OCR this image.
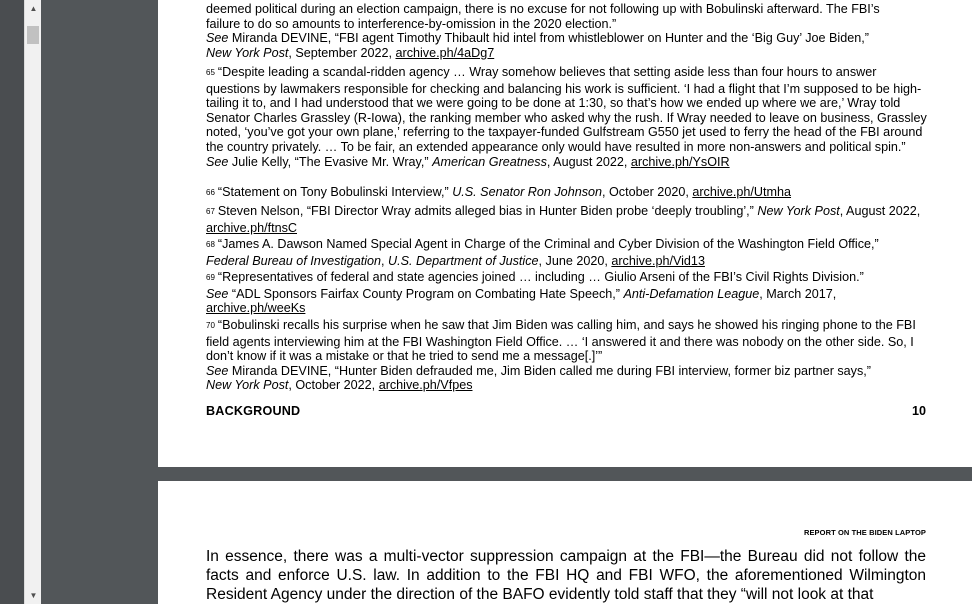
▲
▼
deemed political during an election campaign, there is no excuse for not following up with Bobulinski afterward. The FBI’s
failure to do so amounts to interference-by-omission in the 2020 election.”
See Miranda DEVINE, “FBI agent Timothy Thibault hid intel from whistleblower on Hunter and the ‘Big Guy’ Joe Biden,”
New York Post, September 2022, archive.ph/4aDg7
65 “Despite leading a scandal-ridden agency … Wray somehow believes that setting aside less than four hours to answer questions by lawmakers responsible for checking and balancing his work is sufficient. ‘I had a flight that I’m supposed to be high-tailing it to, and I had understood that we were going to be done at 1:30, so that’s how we ended up where we are,’ Wray told Senator Charles Grassley (R-Iowa), the ranking member who asked why the rush. If Wray needed to leave on business, Grassley noted, ‘you’ve got your own plane,’ referring to the taxpayer-funded Gulfstream G550 jet used to ferry the head of the FBI around the country privately. … To be fair, an extended appearance only would have resulted in more non-answers and political spin.”
See Julie Kelly, “The Evasive Mr. Wray,” American Greatness, August 2022, archive.ph/YsOIR
66 “Statement on Tony Bobulinski Interview,” U.S. Senator Ron Johnson, October 2020, archive.ph/Utmha
67 Steven Nelson, “FBI Director Wray admits alleged bias in Hunter Biden probe ‘deeply troubling’,” New York Post, August 2022, archive.ph/ftnsC
68 “James A. Dawson Named Special Agent in Charge of the Criminal and Cyber Division of the Washington Field Office,”
Federal Bureau of Investigation, U.S. Department of Justice, June 2020, archive.ph/Vid13
69 “Representatives of federal and state agencies joined … including … Giulio Arseni of the FBI’s Civil Rights Division.”
See “ADL Sponsors Fairfax County Program on Combating Hate Speech,” Anti-Defamation League, March 2017,
archive.ph/weeKs
70 “Bobulinski recalls his surprise when he saw that Jim Biden was calling him, and says he showed his ringing phone to the FBI field agents interviewing him at the FBI Washington Field Office. … ‘I answered it and there was nobody on the other side. So, I don’t know if it was a mistake or that he tried to send me a message[.]’”
See Miranda DEVINE, “Hunter Biden defrauded me, Jim Biden called me during FBI interview, former biz partner says,”
New York Post, October 2022, archive.ph/Vfpes
BACKGROUND	10
REPORT ON THE BIDEN LAPTOP
In essence, there was a multi-vector suppression campaign at the FBI—the Bureau did not follow the facts and enforce U.S. law. In addition to the FBI HQ and FBI WFO, the aforementioned Wilmington Resident Agency under the direction of the BAFO evidently told staff that they “will not look at that
